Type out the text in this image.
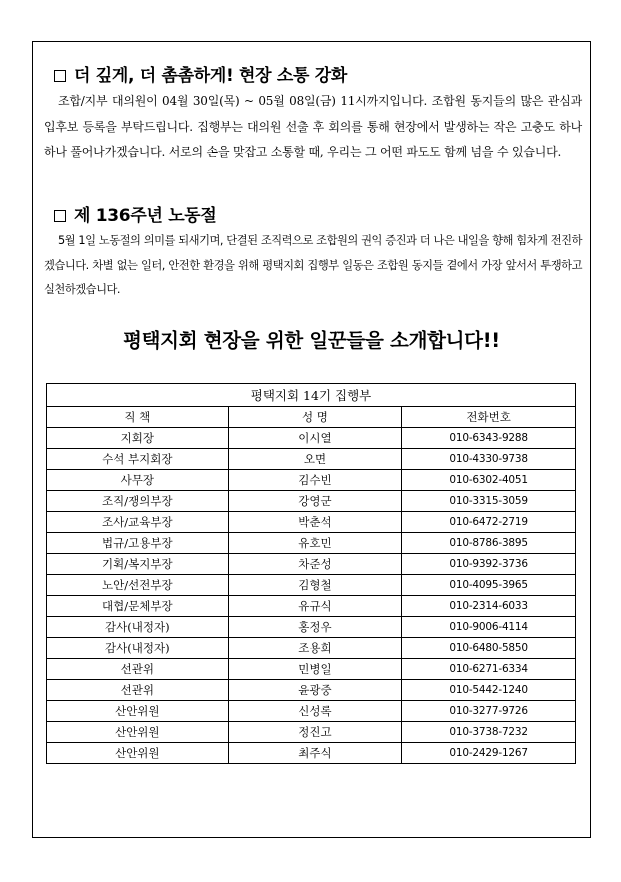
더 깊게, 더 촘촘하게! 현장 소통 강화
조합/지부 대의원이 04월 30일(목) ~ 05월 08일(금) 11시까지입니다. 조합원 동지들의 많은 관심과 입후보 등록을 부탁드립니다. 집행부는 대의원 선출 후 회의를 통해 현장에서 발생하는 작은 고충도 하나하나 풀어나가겠습니다. 서로의 손을 맞잡고 소통할 때, 우리는 그 어떤 파도도 함께 넘을 수 있습니다.
제 136주년 노동절
5월 1일 노동절의 의미를 되새기며, 단결된 조직력으로 조합원의 권익 증진과 더 나은 내일을 향해 힘차게 전진하겠습니다. 차별 없는 일터, 안전한 환경을 위해 평택지회 집행부 일동은 조합원 동지들 곁에서 가장 앞서서 투쟁하고 실천하겠습니다.
평택지회 현장을 위한 일꾼들을 소개합니다!!
평택지회 14기 집행부		
직 책	성 명	전화번호
지회장	이시열	010-6343-9288
수석 부지회장	오면	010-4330-9738
사무장	김수빈	010-6302-4051
조직/쟁의부장	강영군	010-3315-3059
조사/교육부장	박춘석	010-6472-2719
법규/고용부장	유호민	010-8786-3895
기획/복지부장	차준성	010-9392-3736
노안/선전부장	김형철	010-4095-3965
대협/문체부장	유규식	010-2314-6033
감사(내정자)	홍정우	010-9006-4114
감사(내정자)	조용희	010-6480-5850
선관위	민병일	010-6271-6334
선관위	윤광중	010-5442-1240
산안위원	신성록	010-3277-9726
산안위원	정진고	010-3738-7232
산안위원	최주식	010-2429-1267
